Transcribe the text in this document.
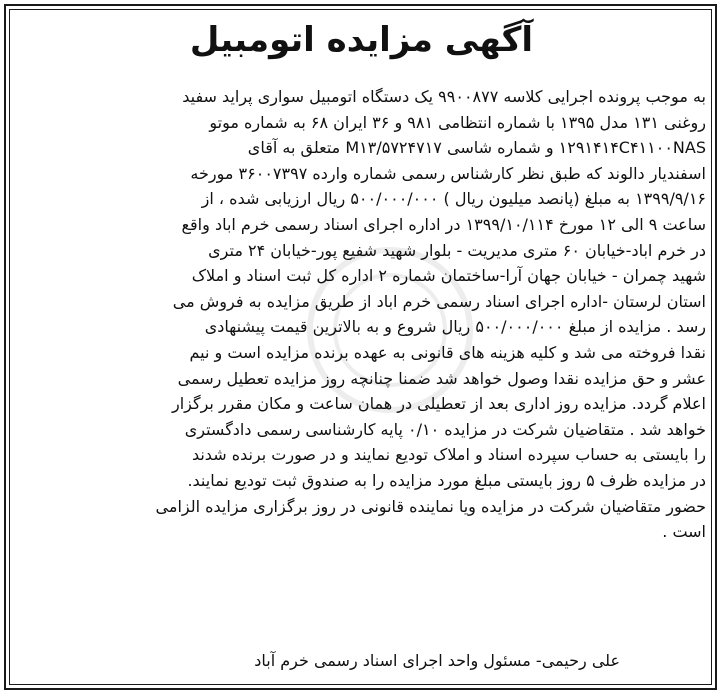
آگهی مزایده اتومبیل
به موجب پرونده اجرایی کلاسه ۹۹۰۰۸۷۷ یک دستگاه اتومبیل سواری پراید سفید
روغنی ۱۳۱ مدل ۱۳۹۵ با شماره انتظامی ۹۸۱ و ۳۶ ایران ۶۸ به شماره موتو
۱۲۹۱۴۱۴C۴۱۱۰۰NAS و شماره شاسی M۱۳/۵۷۲۴۷۱۷ متعلق به آقای
اسفندیار دالوند که طبق نظر کارشناس رسمی شماره وارده ۳۶۰۰۷۳۹۷ مورخه
۱۳۹۹/۹/۱۶ به مبلغ (پانصد میلیون ریال ) ۵۰۰/۰۰۰/۰۰۰ ریال ارزیابی شده ، از
ساعت ۹ الی ۱۲ مورخ ۱۳۹۹/۱۰/۱۱۴ در اداره اجرای اسناد رسمی خرم اباد واقع
در خرم اباد-خیابان ۶۰ متری مدیریت - بلوار شهید شفیع پور-خیابان ۲۴ متری
شهید چمران - خیابان جهان آرا-ساختمان شماره ۲ اداره کل ثبت اسناد و املاک
استان لرستان -اداره اجرای اسناد رسمی خرم اباد از طریق مزایده به فروش می
رسد . مزایده از مبلغ ۵۰۰/۰۰۰/۰۰۰ ریال شروع و به بالاترین قیمت پیشنهادی
نقدا فروخته می شد و کلیه هزینه های قانونی به عهده برنده مزایده است و نیم
عشر و حق مزایده نقدا وصول خواهد شد ضمنا چنانچه روز مزایده تعطیل رسمی
اعلام گردد. مزایده روز اداری بعد از تعطیلی در همان ساعت و مکان مقرر برگزار
خواهد شد . متقاضیان شرکت در مزایده ۰/۱۰ پایه کارشناسی رسمی دادگستری
را بایستی به حساب سپرده اسناد و املاک توديع نمایند و در صورت برنده شدند
در مزایده ظرف ۵ روز بایستی مبلغ مورد مزایده را به صندوق ثبت تودیع نمایند.
حضور متقاضیان شرکت در مزایده ویا نماینده قانونی در روز برگزاری مزایده الزامی
است .
علی رحیمی- مسئول واحد اجرای اسناد رسمی خرم آباد
